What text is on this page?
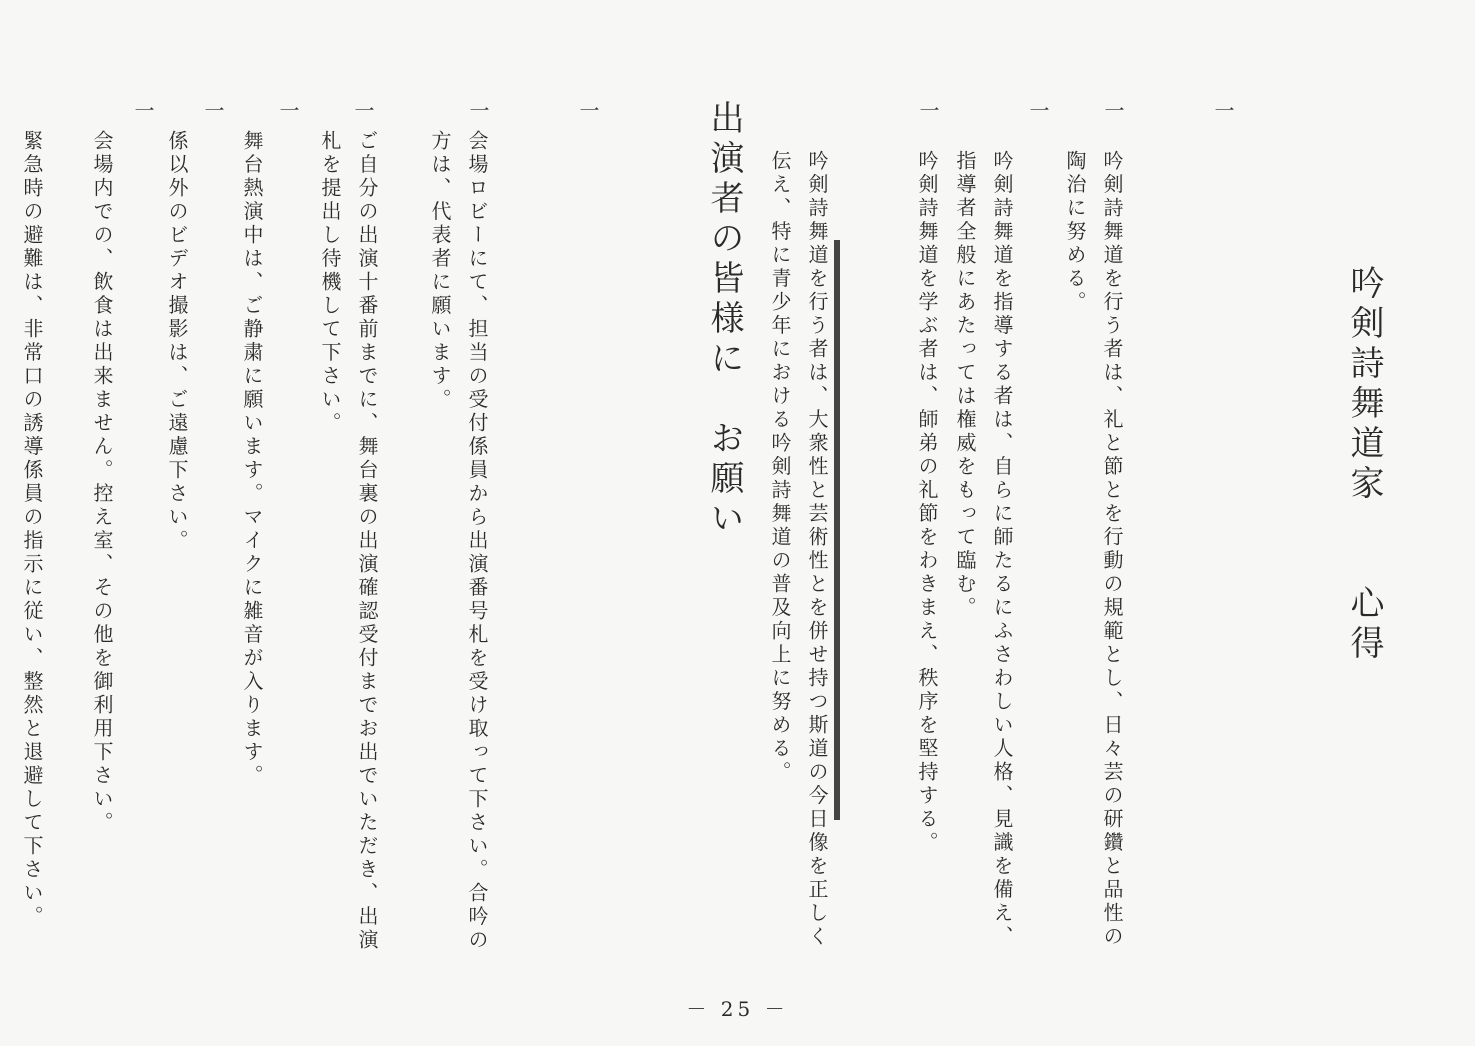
吟剣詩舞道家　　心得

一

吟剣詩舞道を行う者は、礼と節とを行動の規範とし、日々芸の研鑽と品性の陶治に努める。

一

吟剣詩舞道を指導する者は、自らに師たるにふさわしい人格、見識を備え、指導者全般にあたっては権威をもって臨む。

一

吟剣詩舞道を学ぶ者は、師弟の礼節をわきまえ、秩序を堅持する。

一

吟剣詩舞道を行う者は、大衆性と芸術性とを併せ持つ斯道の今日像を正しく伝え、特に青少年における吟剣詩舞道の普及向上に努める。

出演者の皆様に　お願い

一

会場ロビーにて、担当の受付係員から出演番号札を受け取って下さい。合吟の方は、代表者に願います。

一

ご自分の出演十番前までに、舞台裏の出演確認受付までお出でいただき、出演札を提出し待機して下さい。

一

舞台熱演中は、ご静粛に願います。マイクに雑音が入ります。

一

係以外のビデオ撮影は、ご遠慮下さい。

一

会場内での、飲食は出来ません。控え室、その他を御利用下さい。

一

緊急時の避難は、非常口の誘導係員の指示に従い、整然と退避して下さい。

－ 25 －
